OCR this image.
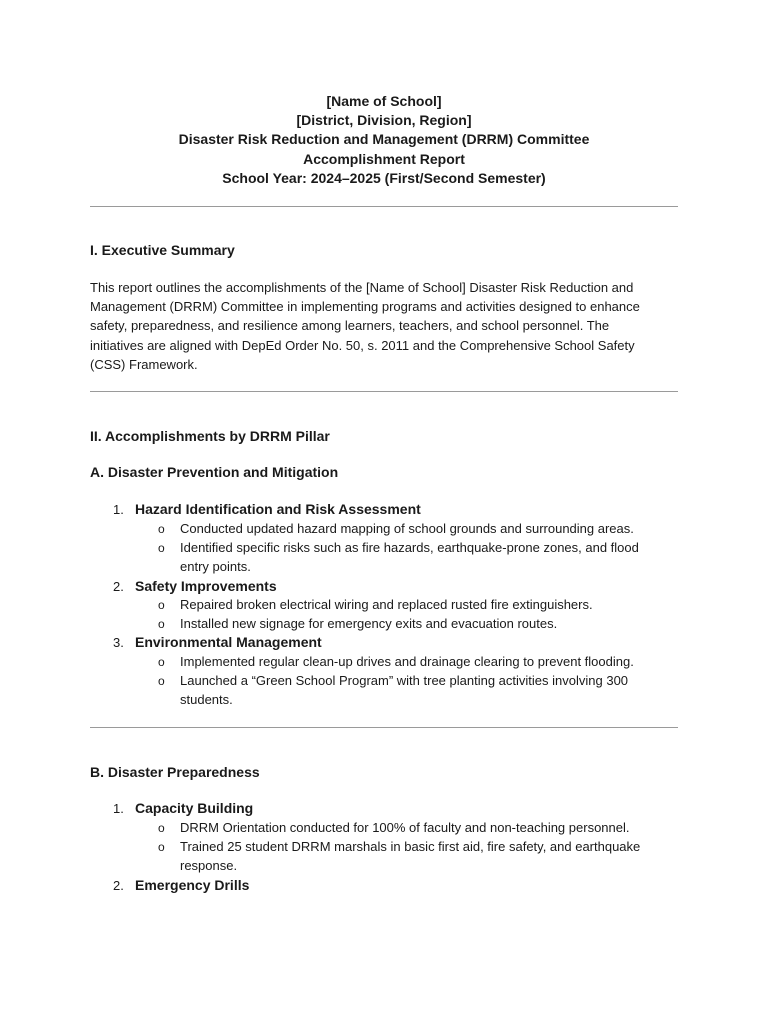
[Name of School]
[District, Division, Region]
Disaster Risk Reduction and Management (DRRM) Committee
Accomplishment Report
School Year: 2024–2025 (First/Second Semester)
I. Executive Summary
This report outlines the accomplishments of the [Name of School] Disaster Risk Reduction and
Management (DRRM) Committee in implementing programs and activities designed to enhance
safety, preparedness, and resilience among learners, teachers, and school personnel. The
initiatives are aligned with DepEd Order No. 50, s. 2011 and the Comprehensive School Safety
(CSS) Framework.
II. Accomplishments by DRRM Pillar
A. Disaster Prevention and Mitigation
1. Hazard Identification and Risk Assessment
o Conducted updated hazard mapping of school grounds and surrounding areas.
o Identified specific risks such as fire hazards, earthquake-prone zones, and flood
entry points.
2. Safety Improvements
o Repaired broken electrical wiring and replaced rusted fire extinguishers.
o Installed new signage for emergency exits and evacuation routes.
3. Environmental Management
o Implemented regular clean-up drives and drainage clearing to prevent flooding.
o Launched a “Green School Program” with tree planting activities involving 300
students.
B. Disaster Preparedness
1. Capacity Building
o DRRM Orientation conducted for 100% of faculty and non-teaching personnel.
o Trained 25 student DRRM marshals in basic first aid, fire safety, and earthquake
response.
2. Emergency Drills
